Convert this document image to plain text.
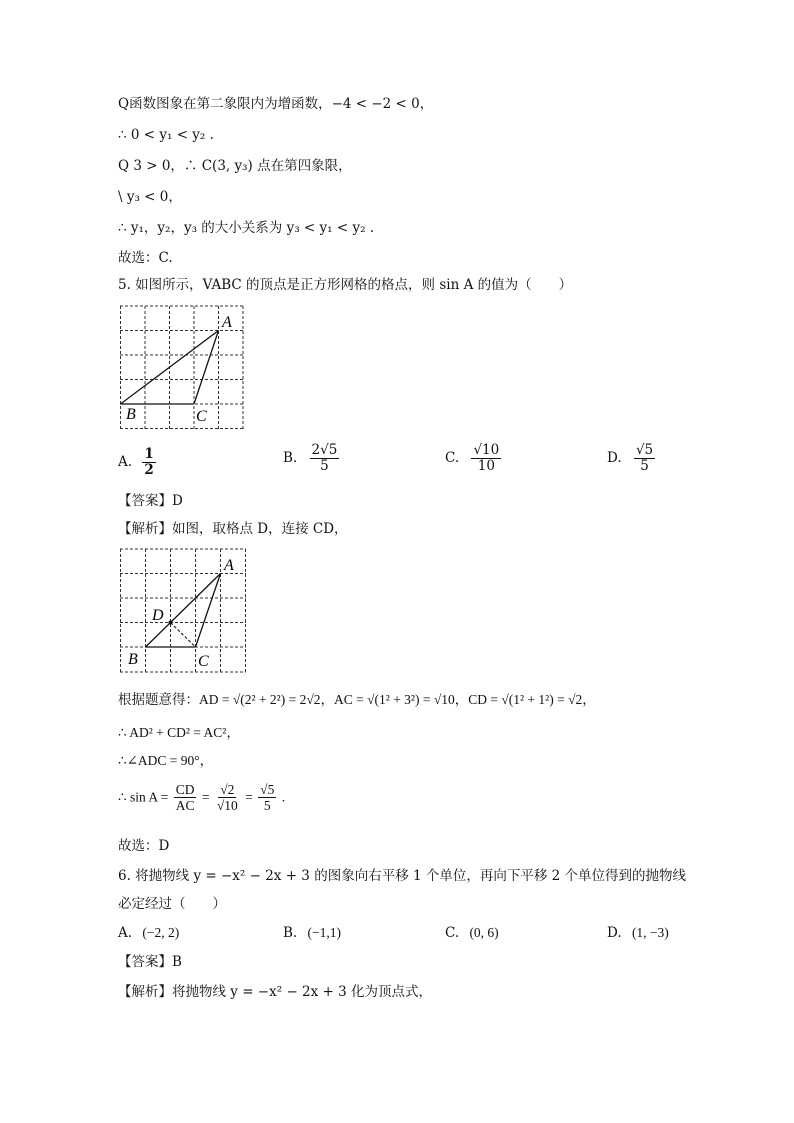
Q函数图象在第二象限内为增函数，−4 < −2 < 0，
∴ 0 < y₁ < y₂ .
Q 3 > 0，∴ C(3, y₃) 点在第四象限，
\ y₃ < 0，
∴ y₁，y₂，y₃ 的大小关系为 y₃ < y₁ < y₂ .
故选：C.
5. 如图所示，VABC 的顶点是正方形网格的格点，则 sin A 的值为（　　）
A
B	C
A. $\frac{1}{2}$	B. $\frac{2√5}{5}$	C. $\frac{√10}{10}$	D. $\frac{√5}{5}$
【答案】D
【解析】如图，取格点 D，连接 CD，
A
B	C
D
根据题意得：AD = √(2² + 2²) = 2√2，AC = √(1² + 3²) = √10，CD = √(1² + 1²) = √2，
∴ AD² + CD² = AC²，
∴∠ADC = 90°，
∴ $\sin A = \frac{CD}{AC} = \frac{√2}{√10} = \frac{√5}{5}$ .
故选：D
6. 将抛物线 y = −x² − 2x + 3 的图象向右平移 1 个单位，再向下平移 2 个单位得到的抛物线
必定经过（　　）
A. (−2, 2)	B. (−1,1)	C. (0, 6)	D. (1, −3)
【答案】B
【解析】将抛物线 y = −x² − 2x + 3 化为顶点式，
